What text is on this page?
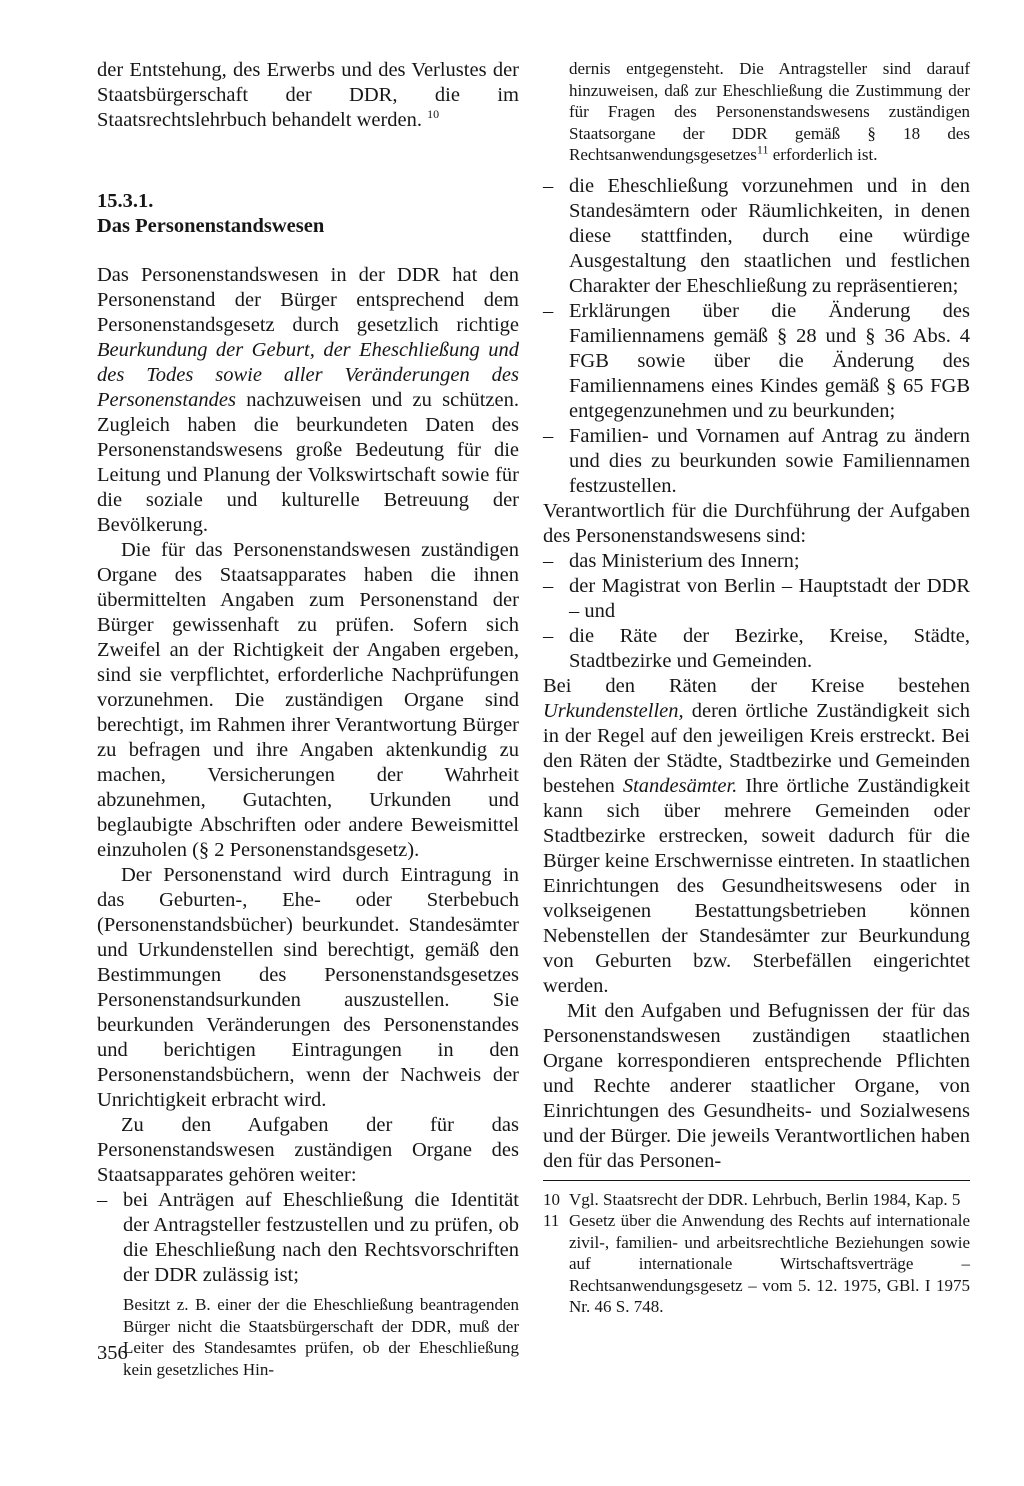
der Entstehung, des Erwerbs und des Verlustes der Staatsbürgerschaft der DDR, die im Staatsrechtslehrbuch behandelt werden. $^{10}$

15.3.1.

Das Personenstandswesen

Das Personenstandswesen in der DDR hat den Personenstand der Bürger entsprechend dem Personenstandsgesetz durch gesetzlich richtige Beurkundung der Geburt, der Eheschließung und des Todes sowie aller Veränderungen des Personenstandes nachzuweisen und zu schützen. Zugleich haben die beurkundeten Daten des Personenstandswesens große Bedeutung für die Leitung und Planung der Volkswirtschaft sowie für die soziale und kulturelle Betreuung der Bevölkerung.

Die für das Personenstandswesen zuständigen Organe des Staatsapparates haben die ihnen übermittelten Angaben zum Personenstand der Bürger gewissenhaft zu prüfen. Sofern sich Zweifel an der Richtigkeit der Angaben ergeben, sind sie verpflichtet, erforderliche Nachprüfungen vorzunehmen. Die zuständigen Organe sind berechtigt, im Rahmen ihrer Verantwortung Bürger zu befragen und ihre Angaben aktenkundig zu machen, Versicherungen der Wahrheit abzunehmen, Gutachten, Urkunden und beglaubigte Abschriften oder andere Beweismittel einzuholen (§ 2 Personenstandsgesetz).

Der Personenstand wird durch Eintragung in das Geburten-, Ehe- oder Sterbebuch (Personenstandsbücher) beurkundet. Standesämter und Urkundenstellen sind berechtigt, gemäß den Bestimmungen des Personenstandsgesetzes Personenstandsurkunden auszustellen. Sie beurkunden Veränderungen des Personenstandes und berichtigen Eintragungen in den Personenstandsbüchern, wenn der Nachweis der Unrichtigkeit erbracht wird.

Zu den Aufgaben der für das Personenstandswesen zuständigen Organe des Staatsapparates gehören weiter:

– bei Anträgen auf Eheschließung die Identität der Antragsteller festzustellen und zu prüfen, ob die Eheschließung nach den Rechtsvorschriften der DDR zulässig ist;
Besitzt z. B. einer der die Eheschließung beantragenden Bürger nicht die Staatsbürgerschaft der DDR, muß der Leiter des Standesamtes prüfen, ob der Eheschließung kein gesetzliches Hin-
dernis entgegensteht. Die Antragsteller sind darauf hinzuweisen, daß zur Eheschließung die Zustimmung der für Fragen des Personenstandswesens zuständigen Staatsorgane der DDR gemäß § 18 des Rechtsanwendungsgesetzes$^{11}$ erforderlich ist.
– die Eheschließung vorzunehmen und in den Standesämtern oder Räumlichkeiten, in denen diese stattfinden, durch eine würdige Ausgestaltung den staatlichen und festlichen Charakter der Eheschließung zu repräsentieren;
– Erklärungen über die Änderung des Familiennamens gemäß § 28 und § 36 Abs. 4 FGB sowie über die Änderung des Familiennamens eines Kindes gemäß § 65 FGB entgegenzunehmen und zu beurkunden;
– Familien- und Vornamen auf Antrag zu ändern und dies zu beurkunden sowie Familiennamen festzustellen.

Verantwortlich für die Durchführung der Aufgaben des Personenstandswesens sind:

– das Ministerium des Innern;
– der Magistrat von Berlin – Hauptstadt der DDR – und
– die Räte der Bezirke, Kreise, Städte, Stadtbezirke und Gemeinden.

Bei den Räten der Kreise bestehen Urkundenstellen, deren örtliche Zuständigkeit sich in der Regel auf den jeweiligen Kreis erstreckt. Bei den Räten der Städte, Stadtbezirke und Gemeinden bestehen Standesämter. Ihre örtliche Zuständigkeit kann sich über mehrere Gemeinden oder Stadtbezirke erstrecken, soweit dadurch für die Bürger keine Erschwernisse eintreten. In staatlichen Einrichtungen des Gesundheitswesens oder in volkseigenen Bestattungsbetrieben können Nebenstellen der Standesämter zur Beurkundung von Geburten bzw. Sterbefällen eingerichtet werden.

Mit den Aufgaben und Befugnissen der für das Personenstandswesen zuständigen staatlichen Organe korrespondieren entsprechende Pflichten und Rechte anderer staatlicher Organe, von Einrichtungen des Gesundheits- und Sozialwesens und der Bürger. Die jeweils Verantwortlichen haben den für das Personen-

10 Vgl. Staatsrecht der DDR. Lehrbuch, Berlin 1984, Kap. 5
11 Gesetz über die Anwendung des Rechts auf internationale zivil-, familien- und arbeitsrechtliche Beziehungen sowie auf internationale Wirtschaftsverträge – Rechtsanwendungsgesetz – vom 5. 12. 1975, GBl. I 1975 Nr. 46 S. 748.
356
